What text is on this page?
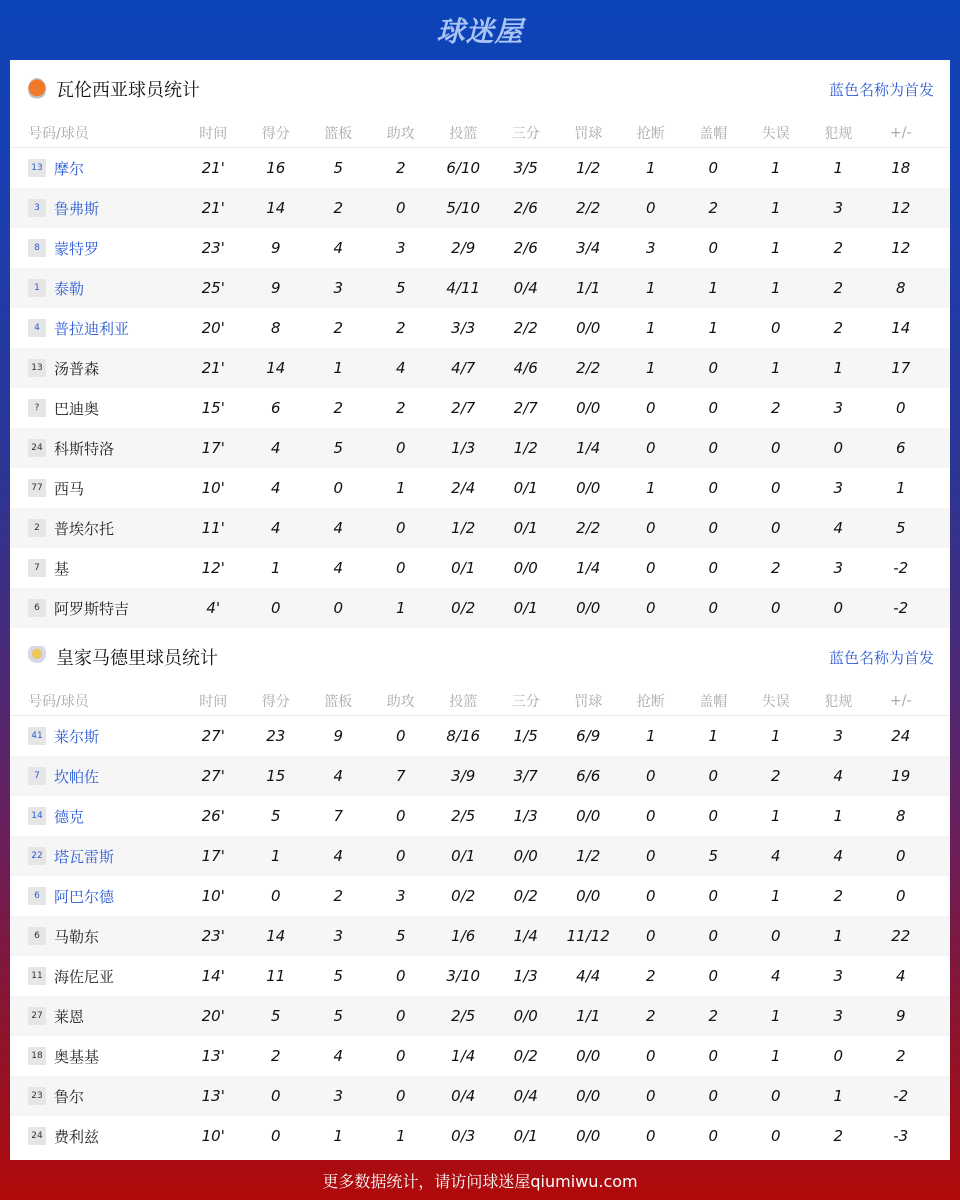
球迷屋
瓦伦西亚球员统计	蓝色名称为首发
号码/球员	时间	得分	篮板	助攻	投篮	三分	罚球	抢断	盖帽	失误	犯规	+/-
13 摩尔	21'	16	5	2	6/10	3/5	1/2	1	0	1	1	18
3 鲁弗斯	21'	14	2	0	5/10	2/6	2/2	0	2	1	3	12
8 蒙特罗	23'	9	4	3	2/9	2/6	3/4	3	0	1	2	12
1 泰勒	25'	9	3	5	4/11	0/4	1/1	1	1	1	2	8
4 普拉迪利亚	20'	8	2	2	3/3	2/2	0/0	1	1	0	2	14
13 汤普森	21'	14	1	4	4/7	4/6	2/2	1	0	1	1	17
? 巴迪奥	15'	6	2	2	2/7	2/7	0/0	0	0	2	3	0
24 科斯特洛	17'	4	5	0	1/3	1/2	1/4	0	0	0	0	6
77 西马	10'	4	0	1	2/4	0/1	0/0	1	0	0	3	1
2 普埃尔托	11'	4	4	0	1/2	0/1	2/2	0	0	0	4	5
7 基	12'	1	4	0	0/1	0/0	1/4	0	0	2	3	-2
6 阿罗斯特吉	4'	0	0	1	0/2	0/1	0/0	0	0	0	0	-2
皇家马德里球员统计	蓝色名称为首发
号码/球员	时间	得分	篮板	助攻	投篮	三分	罚球	抢断	盖帽	失误	犯规	+/-
41 莱尔斯	27'	23	9	0	8/16	1/5	6/9	1	1	1	3	24
7 坎帕佐	27'	15	4	7	3/9	3/7	6/6	0	0	2	4	19
14 德克	26'	5	7	0	2/5	1/3	0/0	0	0	1	1	8
22 塔瓦雷斯	17'	1	4	0	0/1	0/0	1/2	0	5	4	4	0
6 阿巴尔德	10'	0	2	3	0/2	0/2	0/0	0	0	1	2	0
6 马勒东	23'	14	3	5	1/6	1/4	11/12	0	0	0	1	22
11 海佐尼亚	14'	11	5	0	3/10	1/3	4/4	2	0	4	3	4
27 莱恩	20'	5	5	0	2/5	0/0	1/1	2	2	1	3	9
18 奥基基	13'	2	4	0	1/4	0/2	0/0	0	0	1	0	2
23 鲁尔	13'	0	3	0	0/4	0/4	0/0	0	0	0	1	-2
24 费利兹	10'	0	1	1	0/3	0/1	0/0	0	0	0	2	-3
更多数据统计，请访问球迷屋qiumiwu.com
